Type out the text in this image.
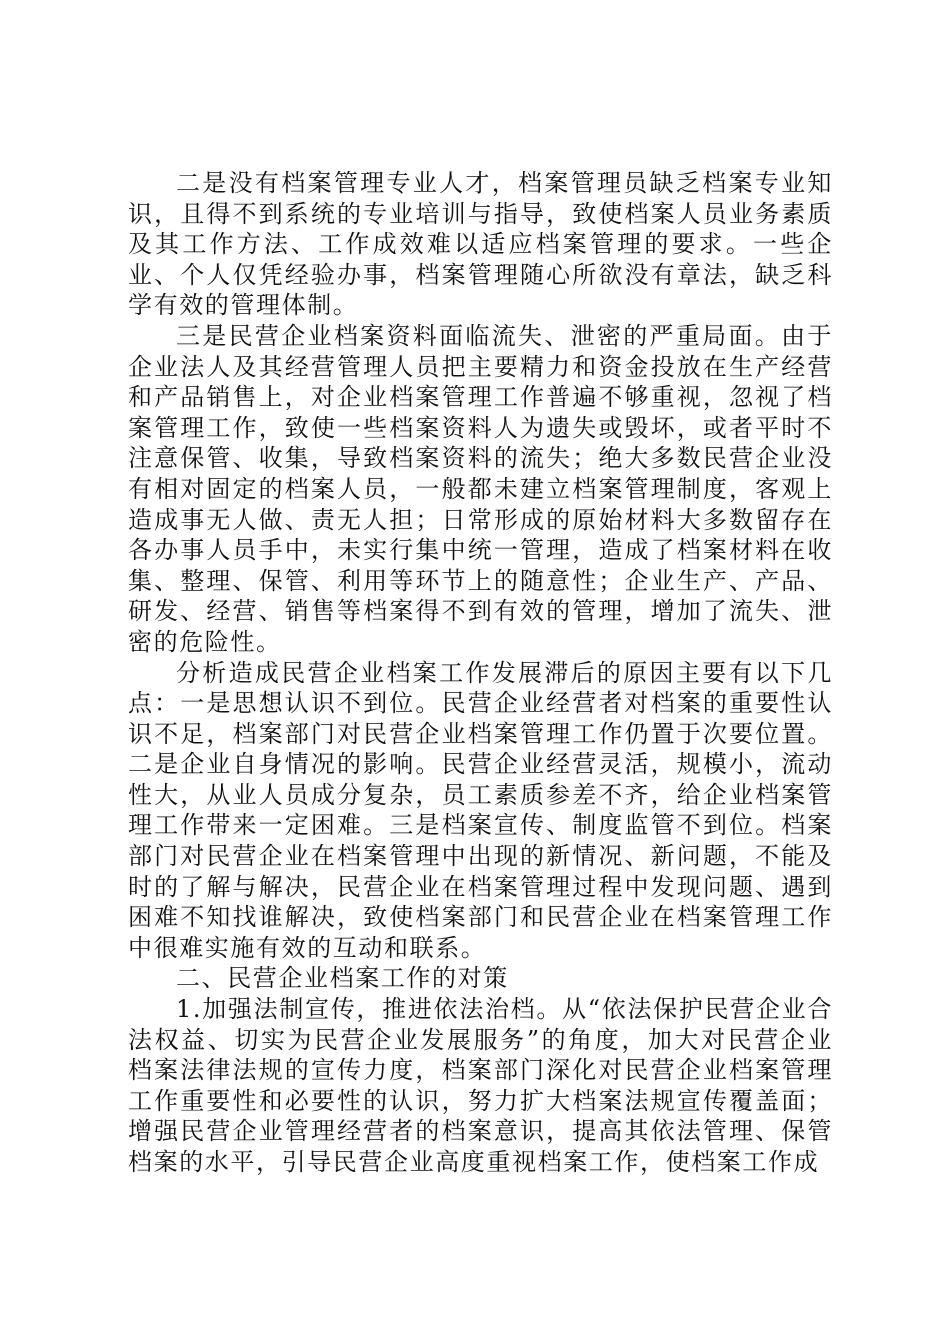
二是没有档案管理专业人才，档案管理员缺乏档案专业知识，且得不到系统的专业培训与指导，致使档案人员业务素质及其工作方法、工作成效难以适应档案管理的要求。一些企业、个人仅凭经验办事，档案管理随心所欲没有章法，缺乏科学有效的管理体制。

三是民营企业档案资料面临流失、泄密的严重局面。由于企业法人及其经营管理人员把主要精力和资金投放在生产经营和产品销售上，对企业档案管理工作普遍不够重视，忽视了档案管理工作，致使一些档案资料人为遗失或毁坏，或者平时不注意保管、收集，导致档案资料的流失；绝大多数民营企业没有相对固定的档案人员，一般都未建立档案管理制度，客观上造成事无人做、责无人担；日常形成的原始材料大多数留存在各办事人员手中，未实行集中统一管理，造成了档案材料在收集、整理、保管、利用等环节上的随意性；企业生产、产品、研发、经营、销售等档案得不到有效的管理，增加了流失、泄密的危险性。

分析造成民营企业档案工作发展滞后的原因主要有以下几点：一是思想认识不到位。民营企业经营者对档案的重要性认识不足，档案部门对民营企业档案管理工作仍置于次要位置。二是企业自身情况的影响。民营企业经营灵活，规模小，流动性大，从业人员成分复杂，员工素质参差不齐，给企业档案管理工作带来一定困难。三是档案宣传、制度监管不到位。档案部门对民营企业在档案管理中出现的新情况、新问题，不能及时的了解与解决，民营企业在档案管理过程中发现问题、遇到困难不知找谁解决，致使档案部门和民营企业在档案管理工作中很难实施有效的互动和联系。

二、民营企业档案工作的对策

1.加强法制宣传，推进依法治档。从“依法保护民营企业合法权益、切实为民营企业发展服务”的角度，加大对民营企业档案法律法规的宣传力度，档案部门深化对民营企业档案管理工作重要性和必要性的认识，努力扩大档案法规宣传覆盖面；增强民营企业管理经营者的档案意识，提高其依法管理、保管档案的水平，引导民营企业高度重视档案工作，使档案工作成
